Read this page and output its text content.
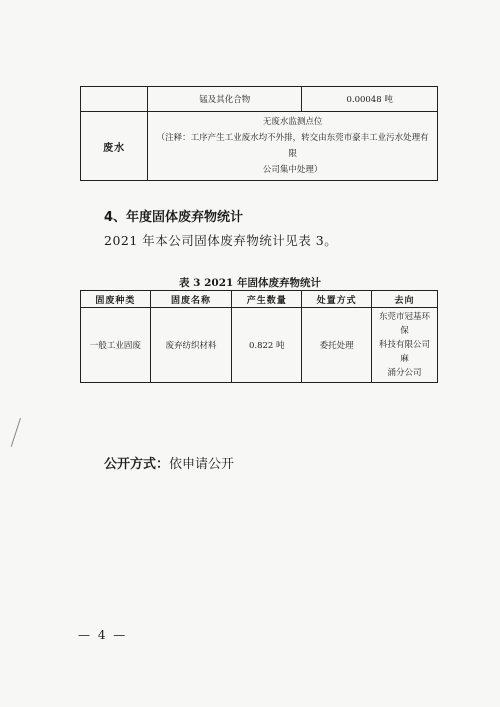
	锰及其化合物	0.00048 吨
废水	无废水监测点位
（注释：工序产生工业废水均不外排，转交由东莞市豪丰工业污水处理有限
公司集中处理）	
4、年度固体废弃物统计
2021 年本公司固体废弃物统计见表 3。
表 3 2021 年固体废弃物统计
固废种类	固废名称	产生数量	处置方式	去向
一般工业固废	废弃纺织材料	0.822 吨	委托处理	东莞市冠基环保
科技有限公司麻
涌分公司
公开方式：依申请公开
— 4 —
